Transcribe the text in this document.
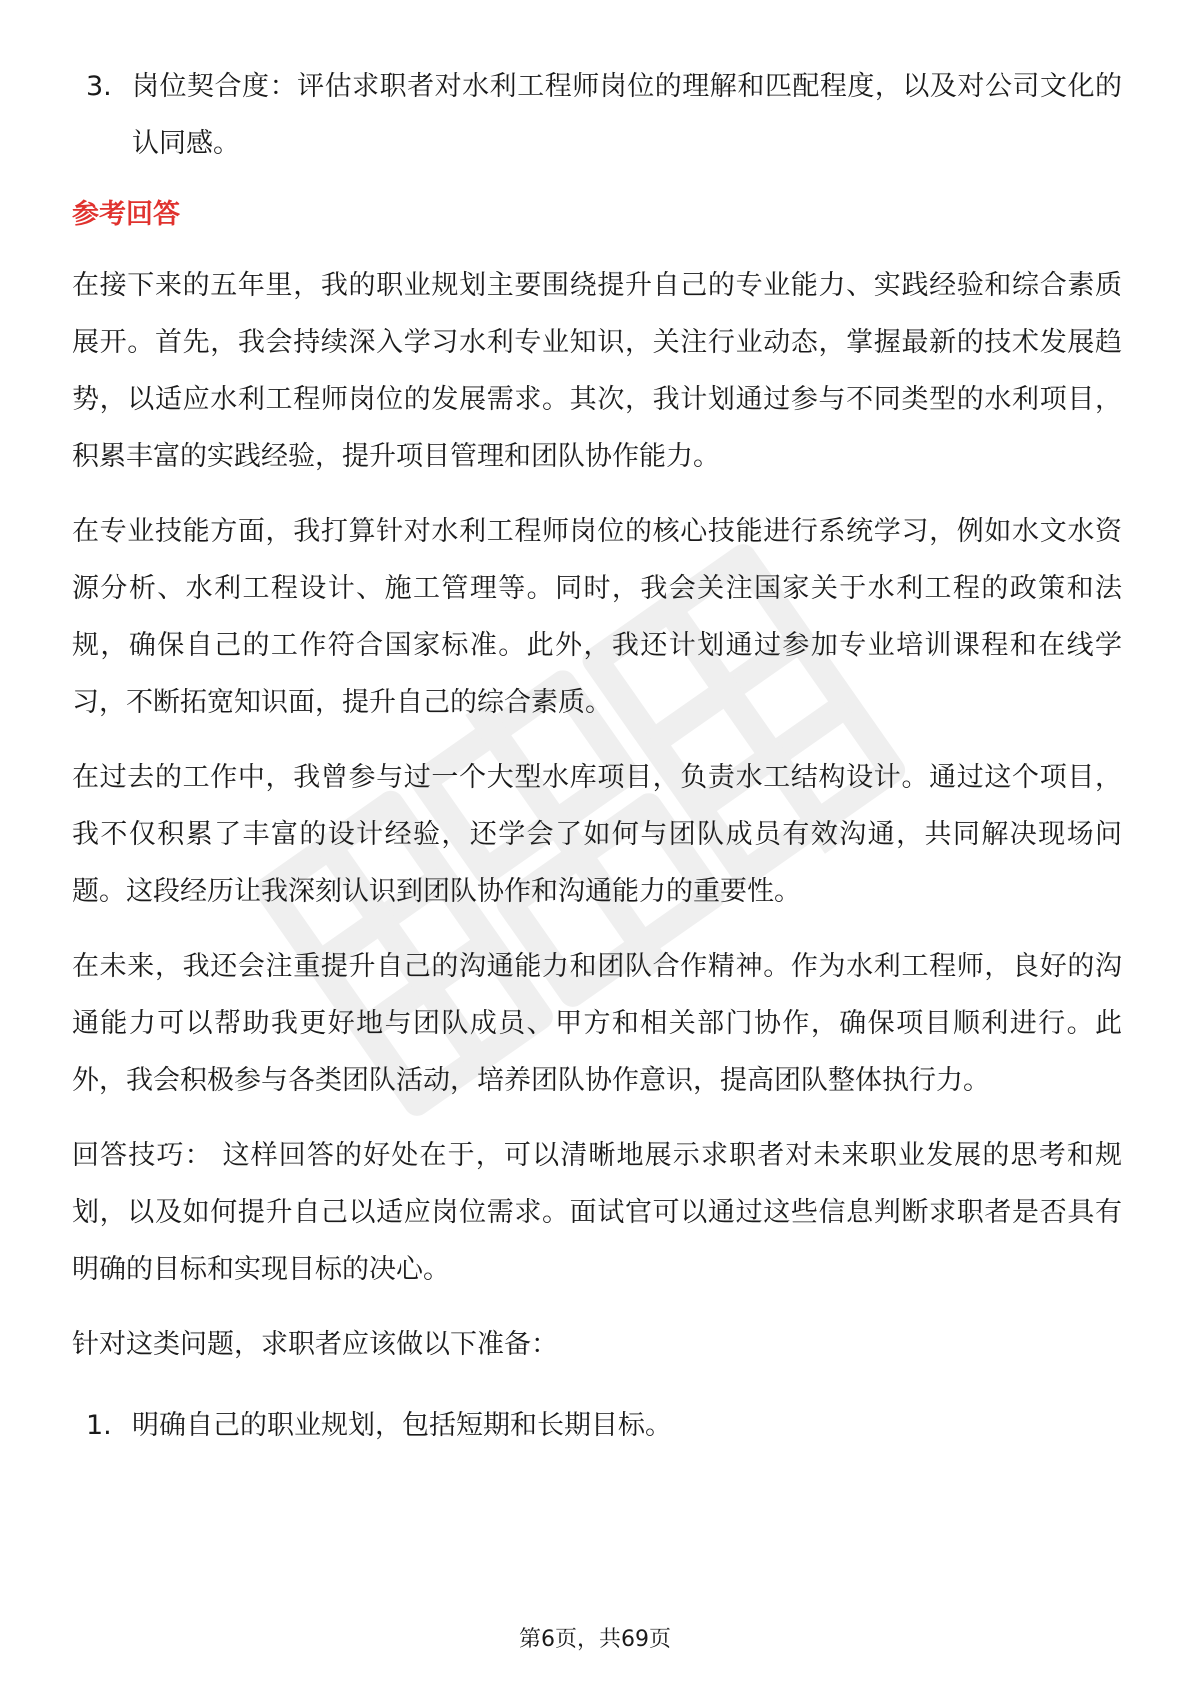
3. 岗位契合度：评估求职者对水利工程师岗位的理解和匹配程度，以及对公司文化的认同感。
参考回答

在接下来的五年里，我的职业规划主要围绕提升自己的专业能力、实践经验和综合素质展开。首先，我会持续深入学习水利专业知识，关注行业动态，掌握最新的技术发展趋势，以适应水利工程师岗位的发展需求。其次，我计划通过参与不同类型的水利项目，积累丰富的实践经验，提升项目管理和团队协作能力。

在专业技能方面，我打算针对水利工程师岗位的核心技能进行系统学习，例如水文水资源分析、水利工程设计、施工管理等。同时，我会关注国家关于水利工程的政策和法规，确保自己的工作符合国家标准。此外，我还计划通过参加专业培训课程和在线学习，不断拓宽知识面，提升自己的综合素质。

在过去的工作中，我曾参与过一个大型水库项目，负责水工结构设计。通过这个项目，我不仅积累了丰富的设计经验，还学会了如何与团队成员有效沟通，共同解决现场问题。这段经历让我深刻认识到团队协作和沟通能力的重要性。

在未来，我还会注重提升自己的沟通能力和团队合作精神。作为水利工程师，良好的沟通能力可以帮助我更好地与团队成员、甲方和相关部门协作，确保项目顺利进行。此外，我会积极参与各类团队活动，培养团队协作意识，提高团队整体执行力。

回答技巧： 这样回答的好处在于，可以清晰地展示求职者对未来职业发展的思考和规划，以及如何提升自己以适应岗位需求。面试官可以通过这些信息判断求职者是否具有明确的目标和实现目标的决心。

针对这类问题，求职者应该做以下准备：

1. 明确自己的职业规划，包括短期和长期目标。
第6页，共69页
